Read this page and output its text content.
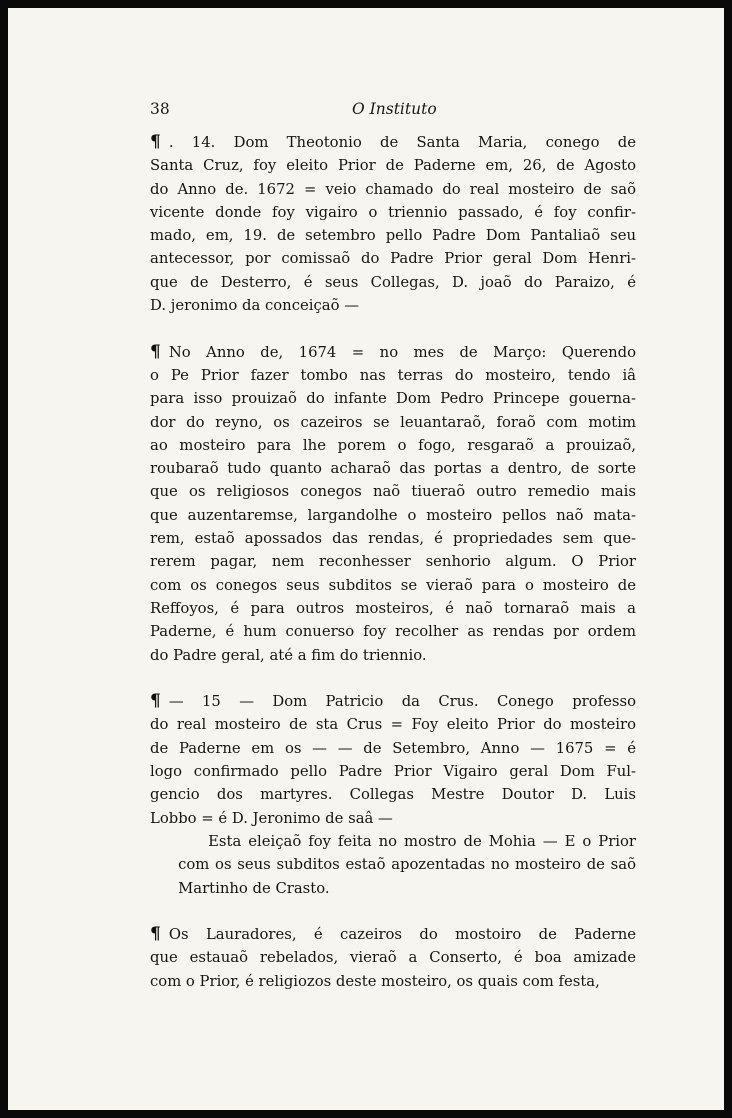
38	O Instituto
¶ . 14. Dom Theotonio de Santa Maria, conego de
Santa Cruz, foy eleito Prior de Paderne em, 26, de Agosto
do Anno de. 1672 = veio chamado do real mosteiro de saõ
vicente donde foy vigairo o triennio passado, é foy confir-
mado, em, 19. de setembro pello Padre Dom Pantaliaõ seu
antecessor, por comissaõ do Padre Prior geral Dom Henri-
que de Desterro, é seus Collegas, D. joaõ do Paraizo, é
D. jeronimo da conceiçaõ —
¶ No Anno de, 1674 = no mes de Março: Querendo
o Pe Prior fazer tombo nas terras do mosteiro, tendo iâ
para isso prouizaõ do infante Dom Pedro Princepe gouerna-
dor do reyno, os cazeiros se leuantaraõ, foraõ com motim
ao mosteiro para lhe porem o fogo, resgaraõ a prouizaõ,
roubaraõ tudo quanto acharaõ das portas a dentro, de sorte
que os religiosos conegos naõ tiueraõ outro remedio mais
que auzentaremse, largandolhe o mosteiro pellos naõ mata-
rem, estaõ apossados das rendas, é propriedades sem que-
rerem pagar, nem reconhesser senhorio algum. O Prior
com os conegos seus subditos se vieraõ para o mosteiro de
Reffoyos, é para outros mosteiros, é naõ tornaraõ mais a
Paderne, é hum conuerso foy recolher as rendas por ordem
do Padre geral, até a fim do triennio.
¶ — 15 — Dom Patricio da Crus. Conego professo
do real mosteiro de sta Crus = Foy eleito Prior do mosteiro
de Paderne em os — — de Setembro, Anno — 1675 = é
logo confirmado pello Padre Prior Vigairo geral Dom Ful-
gencio dos martyres. Collegas Mestre Doutor D. Luis
Lobbo = é D. Jeronimo de saâ —
Esta eleiçaõ foy feita no mostro de Mohia — E o Prior
com os seus subditos estaõ apozentadas no mosteiro de saõ
Martinho de Crasto.
¶ Os Lauradores, é cazeiros do mostoiro de Paderne
que estauaõ rebelados, vieraõ a Conserto, é boa amizade
com o Prior, é religiozos deste mosteiro, os quais com festa,
